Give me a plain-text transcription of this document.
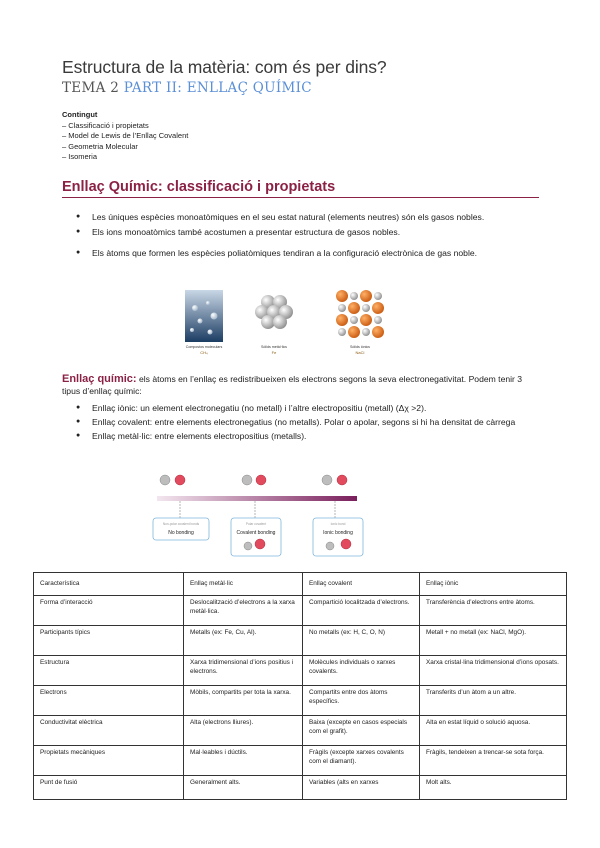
Estructura de la matèria: com és per dins?
TEMA 2 PART II: ENLLAÇ QUÍMIC
Contingut
– Classificació i propietats
– Model de Lewis de l’Enllaç Covalent
– Geometria Molecular
– Isomeria
Enllaç Químic: classificació i propietats
● Les úniques espècies monoatòmiques en el seu estat natural (elements neutres) són els gasos nobles.
● Els ions monoatòmics també acostumen a presentar estructura de gasos nobles.
● Els àtoms que formen les espècies poliatòmiques tendiran a la configuració electrònica de gas noble.
Compostos moleculars
CH₄
Sòlids metàl·lics
Fe
Sòlids iònics
NaCl
Enllaç químic: els àtoms en l’enllaç es redistribueixen els electrons segons la seva electronegativitat. Podem tenir 3 tipus d’enllaç químic:
● Enllaç iònic: un element electronegatiu (no metall) i l’altre electropositiu (metall) (Δχ >2).
● Enllaç covalent: entre elements electronegatius (no metalls). Polar o apolar, segons si hi ha densitat de càrrega
● Enllaç metàl·lic: entre elements electropositius (metalls).
Non-polar covalent bonds
No bonding
Polar covalent
Covalent bonding
Ionic bond
Ionic bonding
Característica	Enllaç metàl·lic	Enllaç covalent	Enllaç iònic
Forma d’interacció	Deslocalització d’electrons a la xarxa metàl·lica.	Compartició localitzada d’electrons.	Transferència d’electrons entre àtoms.
Participants típics	Metalls (ex: Fe, Cu, Al).	No metalls (ex: H, C, O, N)	Metall + no metall (ex: NaCl, MgO).
Estructura	Xarxa tridimensional d’ions positius i electrons.	Molècules individuals o xarxes covalents.	Xarxa cristal·lina tridimensional d’ions oposats.
Electrons	Mòbils, compartits per tota la xarxa.	Compartits entre dos àtoms específics.	Transferits d’un àtom a un altre.
Conductivitat elèctrica	Alta (electrons lliures).	Baixa (excepte en casos especials com el grafit).	Alta en estat líquid o solució aquosa.
Propietats mecàniques	Mal·leables i dúctils.	Fràgils (excepte xarxes covalents com el diamant).	Fràgils, tendeixen a trencar-se sota força.
Punt de fusió	Generalment alts.	Variables (alts en xarxes	Molt alts.
